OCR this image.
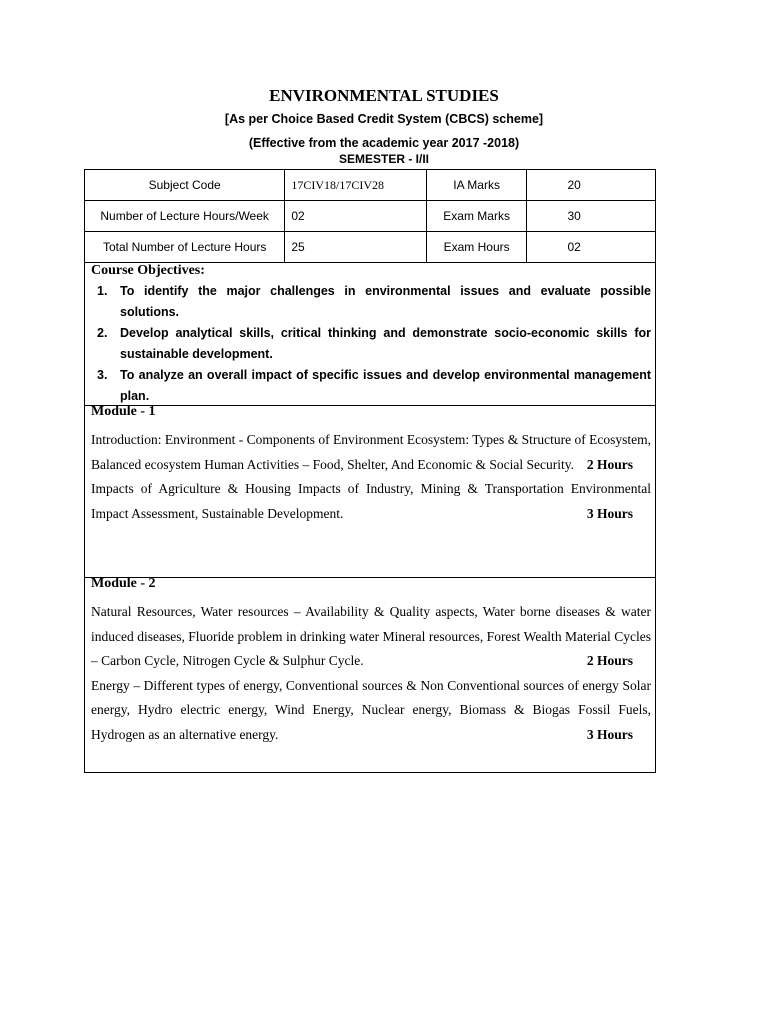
ENVIRONMENTAL STUDIES
[As per Choice Based Credit System (CBCS) scheme]
(Effective from the academic year 2017 -2018)
SEMESTER - I/II
Subject Code	17CIV18/17CIV28	IA Marks	20
Number of Lecture Hours/Week	02	Exam Marks	30
Total Number of Lecture Hours	25	Exam Hours	02
Course Objectives:
1. To identify the major challenges in environmental issues and evaluate possible solutions.
2. Develop analytical skills, critical thinking and demonstrate socio-economic skills for sustainable development.
3. To analyze an overall impact of specific issues and develop environmental management plan.
Module - 1

Introduction: Environment - Components of Environment Ecosystem: Types & Structure of Ecosystem, Balanced ecosystem Human Activities – Food, Shelter, And Economic & Social Security. 2 Hours

Impacts of Agriculture & Housing Impacts of Industry, Mining & Transportation Environmental Impact Assessment, Sustainable Development.	3 Hours

Module - 2

Natural Resources, Water resources – Availability & Quality aspects, Water borne diseases & water induced diseases, Fluoride problem in drinking water Mineral resources, Forest Wealth Material Cycles – Carbon Cycle, Nitrogen Cycle & Sulphur Cycle.	2 Hours

Energy – Different types of energy, Conventional sources & Non Conventional sources of energy Solar energy, Hydro electric energy, Wind Energy, Nuclear energy, Biomass & Biogas Fossil Fuels, Hydrogen as an alternative energy.	3 Hours
